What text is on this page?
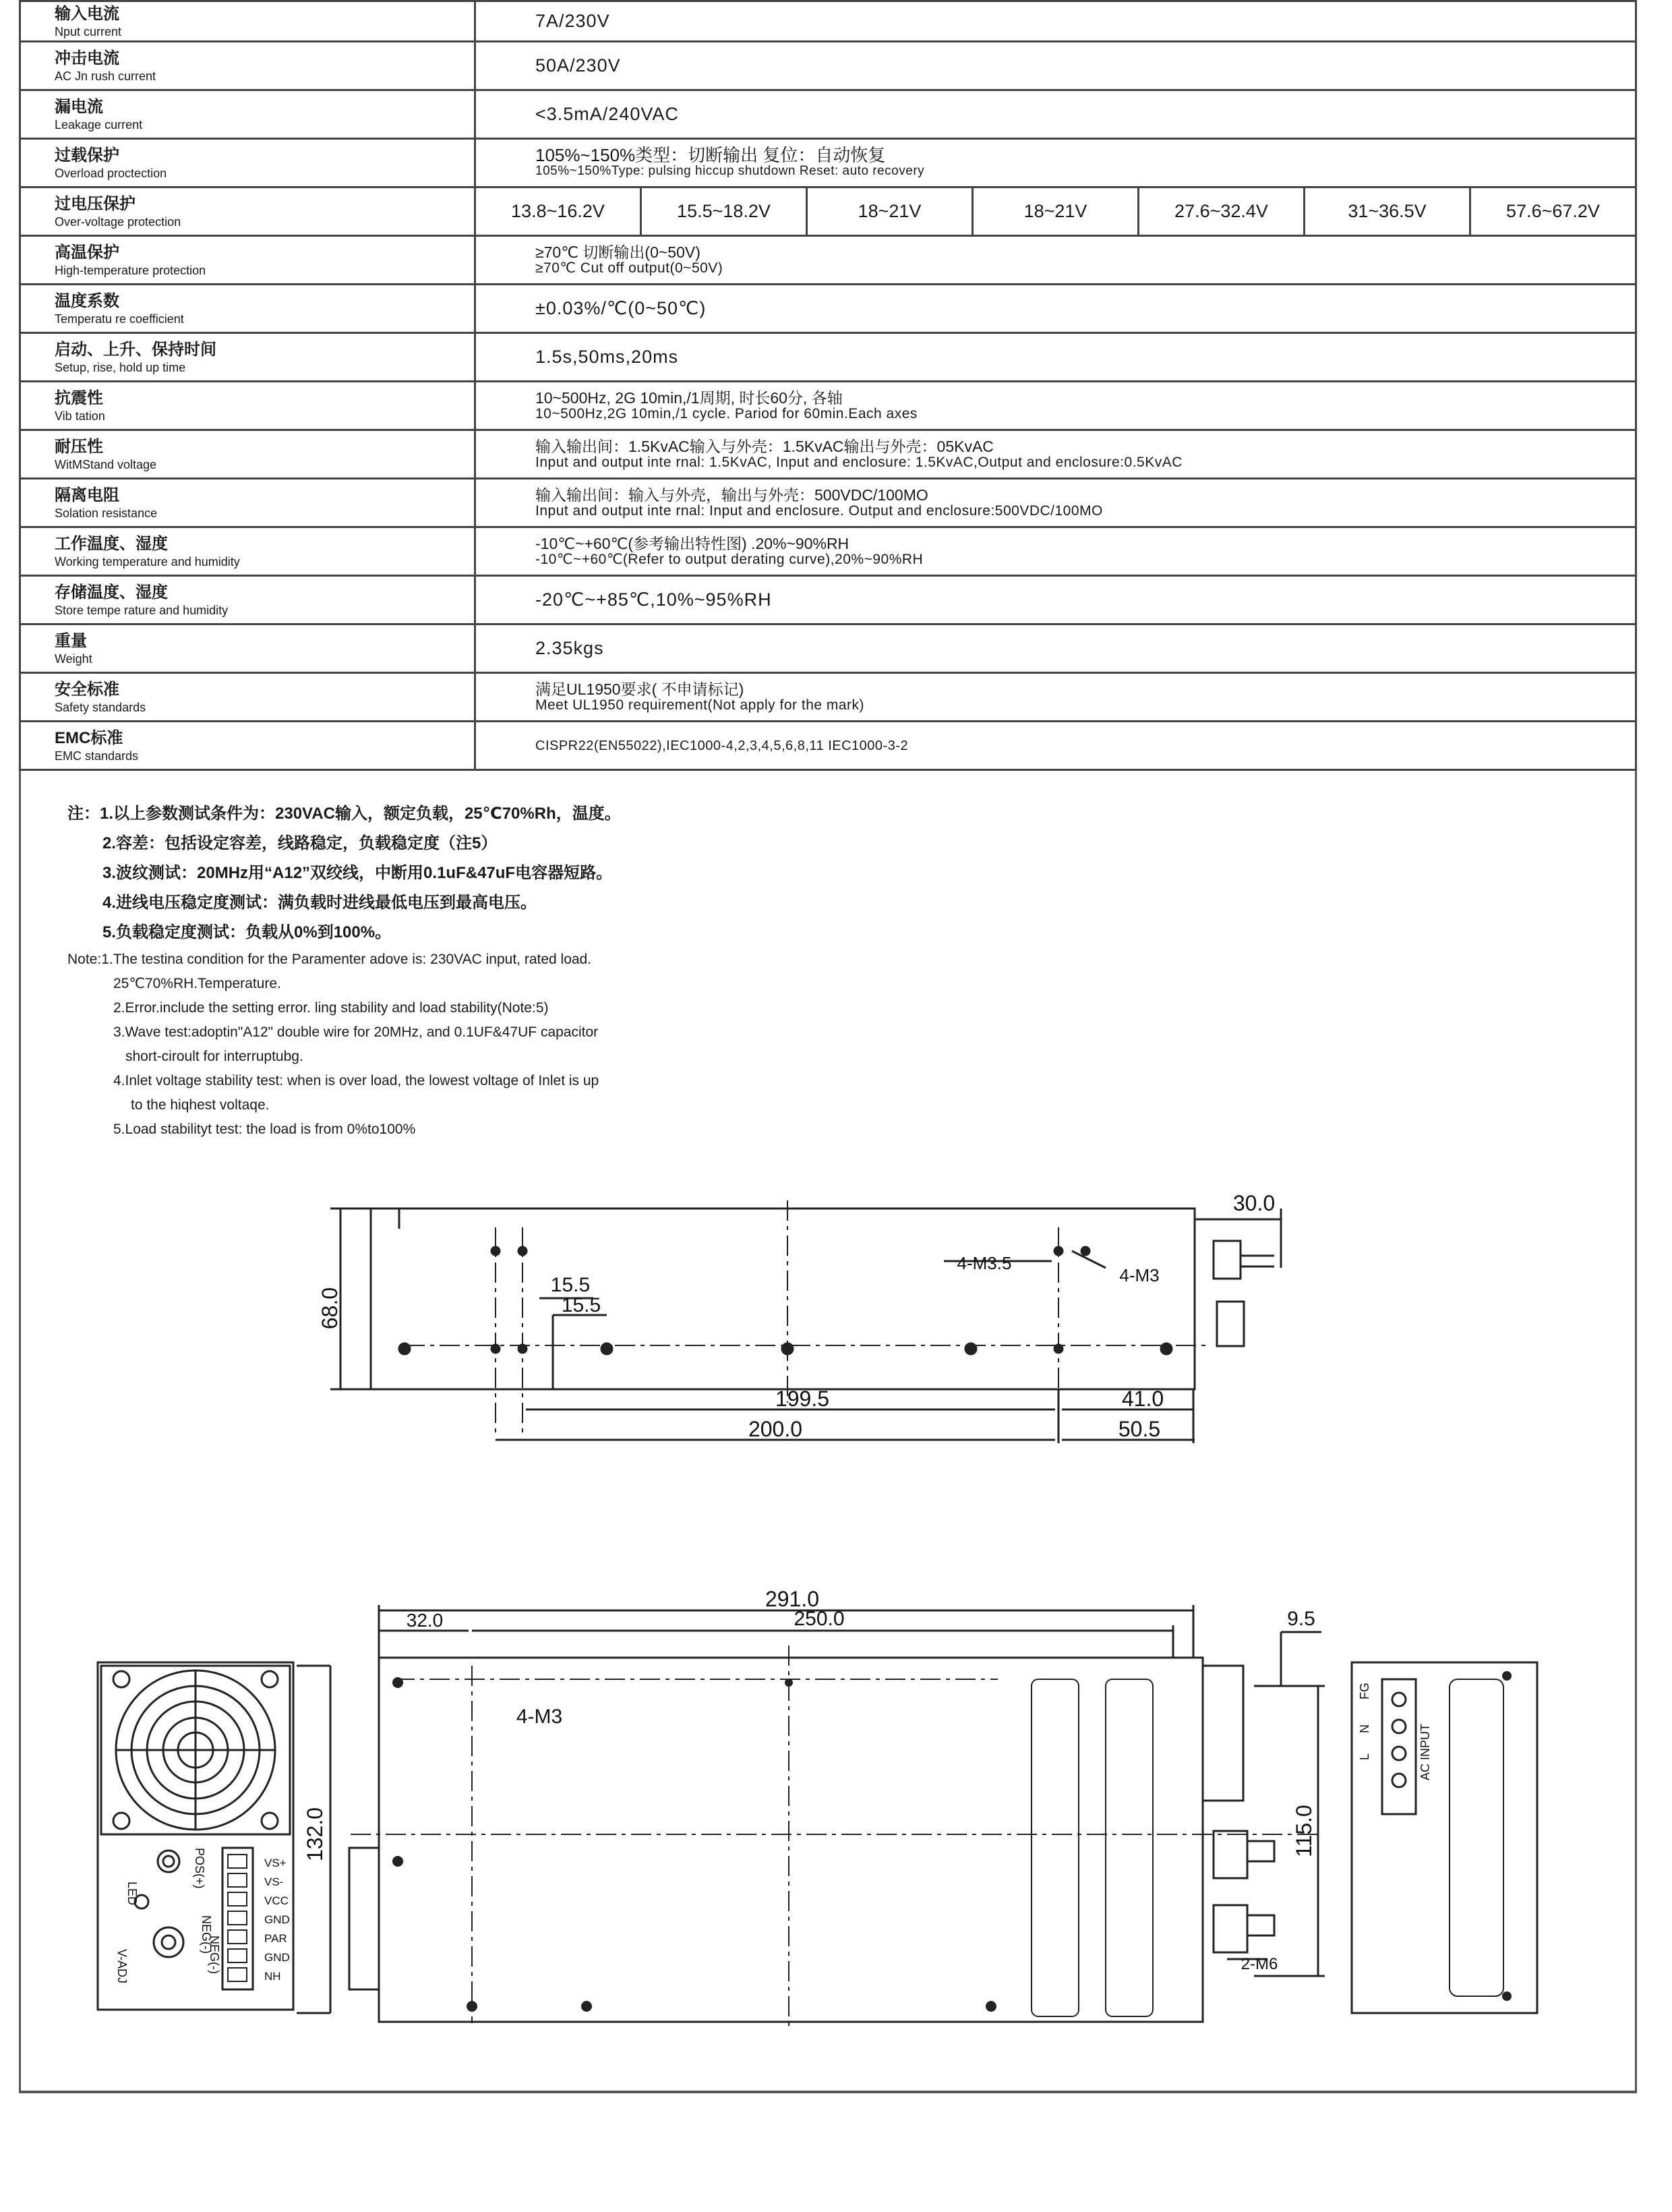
输入电流
Nput current	7A/230V						

冲击电流
AC Jn rush current	50A/230V						

漏电流
Leakage current	<3.5mA/240VAC						

过载保护
Overload proctection	105%~150%类型：切断输出 复位：自动恢复
105%~150%Type: pulsing hiccup shutdown Reset: auto recovery						

过电压保护
Over-voltage protection	13.8~16.2V	15.5~18.2V	18~21V	18~21V	27.6~32.4V	31~36.5V	57.6~67.2V

高温保护
High-temperature protection	≥70℃ 切断输出(0~50V)
≥70℃ Cut off output(0~50V)						

温度系数
Temperatu re coefficient	±0.03%/℃(0~50℃)						

启动、上升、保持时间
Setup, rise, hold up time	1.5s,50ms,20ms						

抗震性
Vib tation	10~500Hz, 2G 10min,/1周期, 时长60分, 各轴
10~500Hz,2G 10min,/1 cycle. Pariod for 60min.Each axes						

耐压性
WitMStand voltage	输入输出间：1.5KvAC输入与外壳：1.5KvAC输出与外壳：05KvAC
Input and output inte rnal: 1.5KvAC, Input and enclosure: 1.5KvAC,Output and enclosure:0.5KvAC						

隔离电阻
Solation resistance	输入输出间：输入与外壳，输出与外壳：500VDC/100MO
Input and output inte rnal: Input and enclosure. Output and enclosure:500VDC/100MO						

工作温度、湿度
Working temperature and humidity	-10℃~+60℃(参考输出特性图) .20%~90%RH
-10℃~+60℃(Refer to output derating curve),20%~90%RH						

存储温度、湿度
Store tempe rature and humidity	-20℃~+85℃,10%~95%RH						

重量
Weight	2.35kgs						

安全标准
Safety standards	满足UL1950要求( 不申请标记)
Meet UL1950 requirement(Not apply for the mark)						

EMC标准
EMC standards	CISPR22(EN55022),IEC1000-4,2,3,4,5,6,8,11 IEC1000-3-2						
注：1.以上参数测试条件为：230VAC输入，额定负载，25℃70%Rh，温度。
2.容差：包括设定容差，线路稳定，负载稳定度（注5）
3.波纹测试：20MHz用“A12”双绞线，中断用0.1uF&47uF电容器短路。
4.进线电压稳定度测试：满负载时进线最低电压到最高电压。
5.负载稳定度测试：负载从0%到100%。
Note:1.The testina condition for the Paramenter adove is: 230VAC input, rated load.
25℃70%RH.Temperature.
2.Error.include the setting error. ling stability and load stability(Note:5)
3.Wave test:adoptin"A12" double wire for 20MHz, and 0.1UF&47UF capacitor
short-ciroult for interruptubg.
4.Inlet voltage stability test: when is over load, the lowest voltage of Inlet is up
to the hiqhest voltaqe.
5.Load stabilityt test: the load is from 0%to100%
30.0
68.0
15.5
15.5
4-M3.5
4-M3
199.5
200.0
41.0
50.5
291.0
32.0	250.0	9.5
4-M3
132.0	115.0
2-M6
VS+
VS-
VCC
GND
PAR
GND
NH
POS(+)
NEG(-)
LED
V-ADJ	NEG(-)
FG
N
L	AC INPUT
